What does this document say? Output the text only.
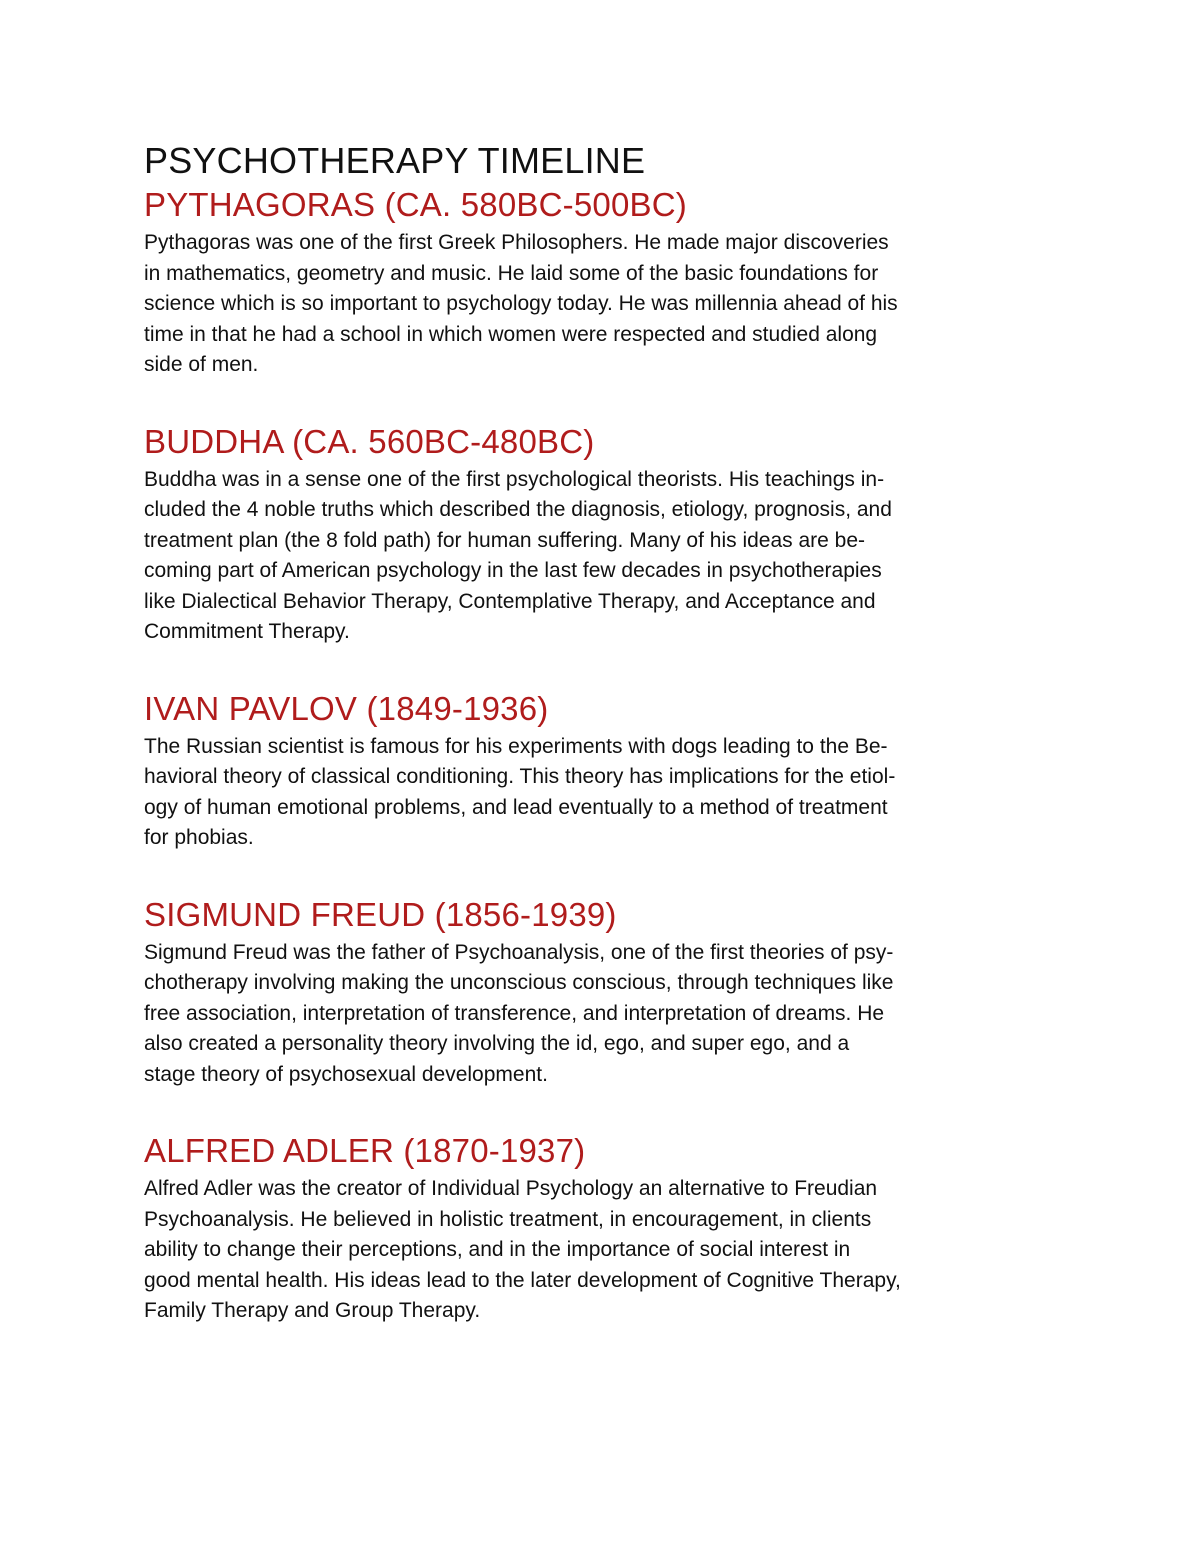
PSYCHOTHERAPY TIMELINE
PYTHAGORAS (CA. 580BC-500BC)

Pythagoras was one of the first Greek Philosophers. He made major discoveries
in mathematics, geometry and music. He laid some of the basic foundations for
science which is so important to psychology today. He was millennia ahead of his
time in that he had a school in which women were respected and studied along
side of men.

BUDDHA (CA. 560BC-480BC)

Buddha was in a sense one of the first psychological theorists. His teachings in-
cluded the 4 noble truths which described the diagnosis, etiology, prognosis, and
treatment plan (the 8 fold path) for human suffering. Many of his ideas are be-
coming part of American psychology in the last few decades in psychotherapies
like Dialectical Behavior Therapy, Contemplative Therapy, and Acceptance and
Commitment Therapy.

IVAN PAVLOV (1849-1936)

The Russian scientist is famous for his experiments with dogs leading to the Be-
havioral theory of classical conditioning. This theory has implications for the etiol-
ogy of human emotional problems, and lead eventually to a method of treatment
for phobias.

SIGMUND FREUD (1856-1939)

Sigmund Freud was the father of Psychoanalysis, one of the first theories of psy-
chotherapy involving making the unconscious conscious, through techniques like
free association, interpretation of transference, and interpretation of dreams. He
also created a personality theory involving the id, ego, and super ego, and a
stage theory of psychosexual development.

ALFRED ADLER (1870-1937)

Alfred Adler was the creator of Individual Psychology an alternative to Freudian
Psychoanalysis. He believed in holistic treatment, in encouragement, in clients
ability to change their perceptions, and in the importance of social interest in
good mental health. His ideas lead to the later development of Cognitive Therapy,
Family Therapy and Group Therapy.
